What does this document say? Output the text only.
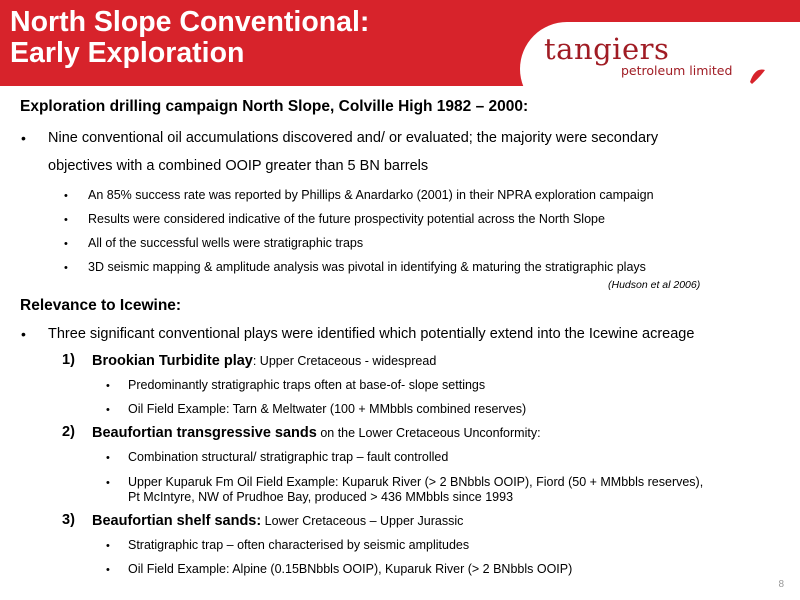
North Slope Conventional:
Early Exploration	tangiers
petroleum limited
Exploration drilling campaign North Slope, Colville High 1982 – 2000:
• Nine conventional oil accumulations discovered and/ or evaluated; the majority were secondary
objectives with a combined OOIP greater than 5 BN barrels
• An 85% success rate was reported by Phillips & Anardarko (2001) in their NPRA exploration campaign
• Results were considered indicative of the future prospectivity potential across the North Slope
• All of the successful wells were stratigraphic traps
• 3D seismic mapping & amplitude analysis was pivotal in identifying & maturing the stratigraphic plays
(Hudson et al 2006)
Relevance to Icewine:
• Three significant conventional plays were identified which potentially extend into the Icewine acreage
1) Brookian Turbidite play: Upper Cretaceous - widespread
• Predominantly stratigraphic traps often at base-of- slope settings
• Oil Field Example: Tarn & Meltwater (100 + MMbbls combined reserves)
2) Beaufortian transgressive sands on the Lower Cretaceous Unconformity:
• Combination structural/ stratigraphic trap – fault controlled
• Upper Kuparuk Fm Oil Field Example: Kuparuk River (> 2 BNbbls OOIP), Fiord (50 + MMbbls reserves),
Pt McIntyre, NW of Prudhoe Bay, produced > 436 MMbbls since 1993
3) Beaufortian shelf sands: Lower Cretaceous – Upper Jurassic
• Stratigraphic trap – often characterised by seismic amplitudes
• Oil Field Example: Alpine (0.15BNbbls OOIP), Kuparuk River (> 2 BNbbls OOIP)
8
